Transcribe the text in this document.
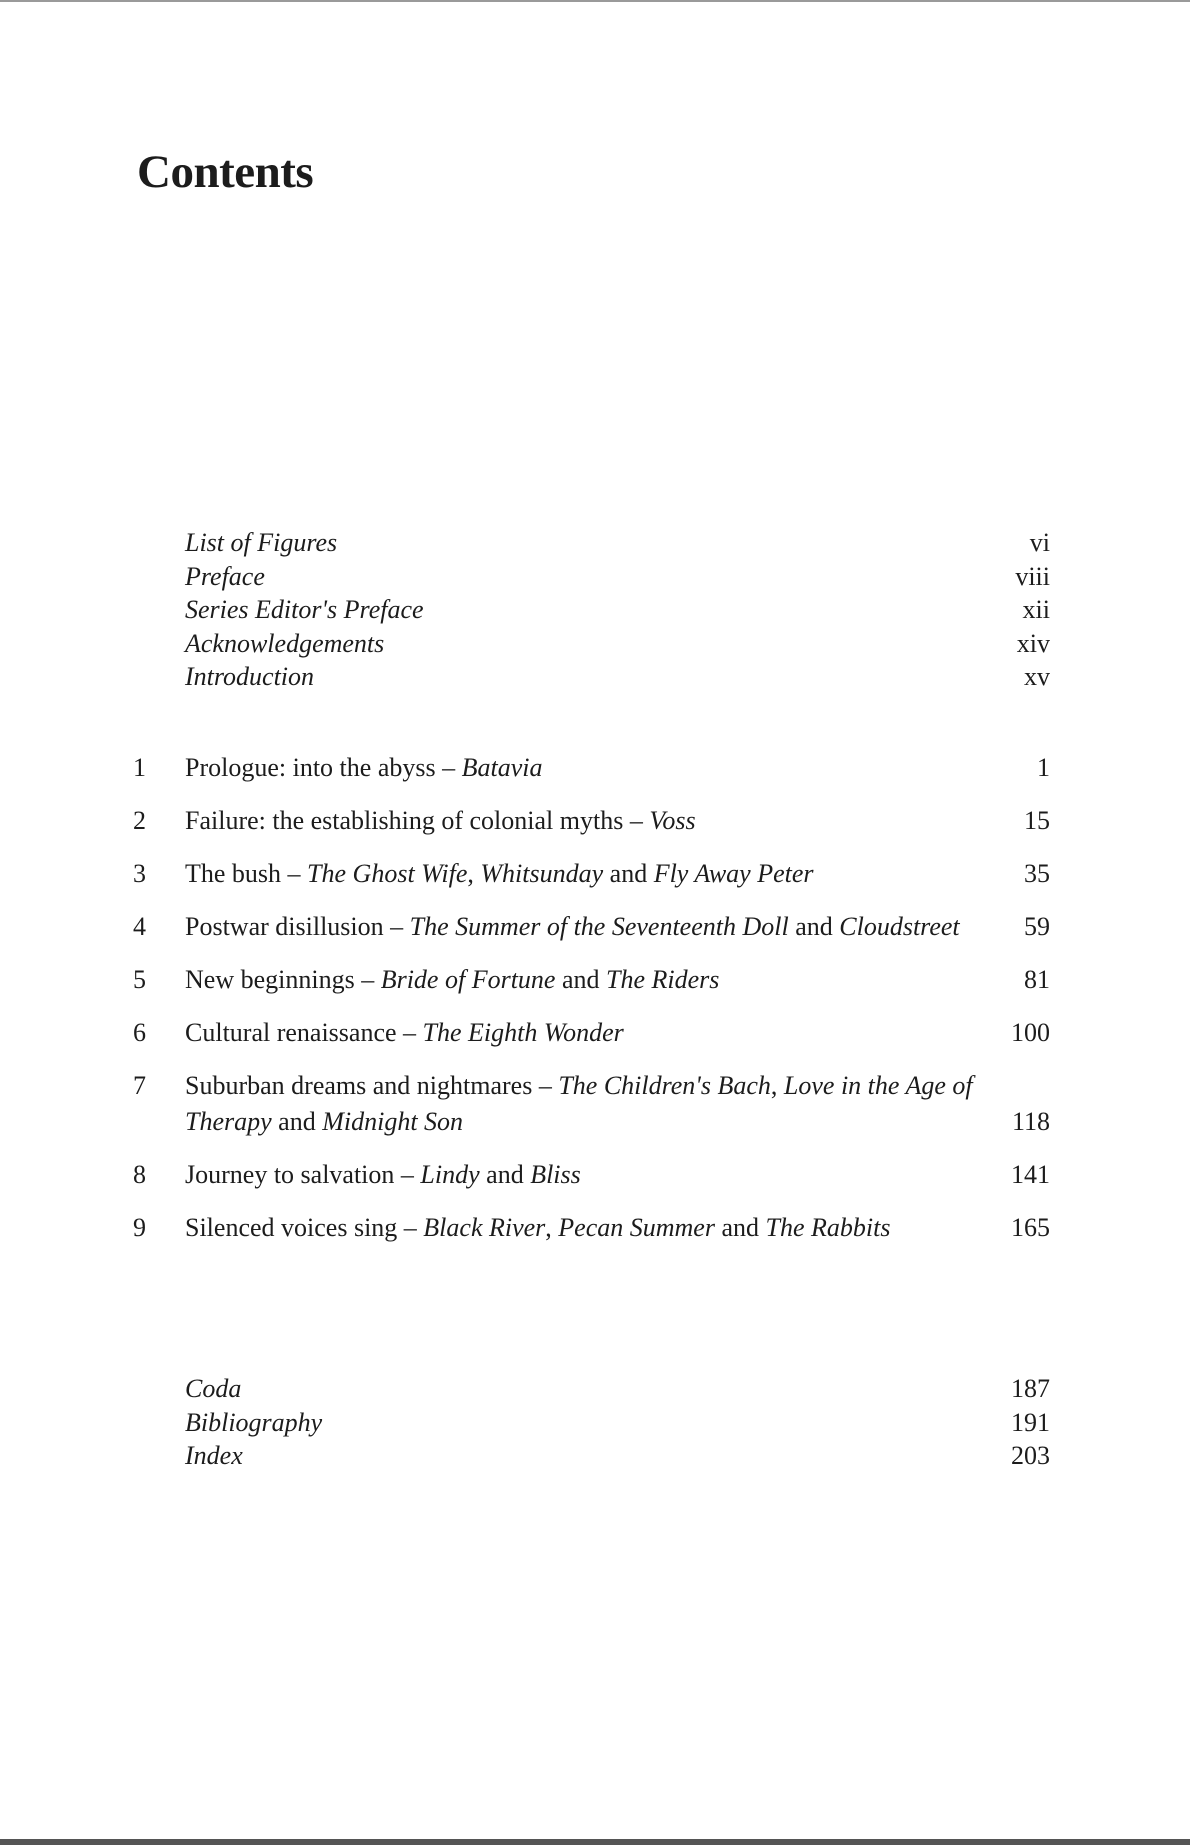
Contents
List of Figures	vi
Preface	viii
Series Editor's Preface	xii
Acknowledgements	xiv
Introduction	xv
1	Prologue: into the abyss – Batavia	1
2	Failure: the establishing of colonial myths – Voss	15
3	The bush – The Ghost Wife, Whitsunday and Fly Away Peter	35
4	Postwar disillusion – The Summer of the Seventeenth Doll and Cloudstreet	59
5	New beginnings – Bride of Fortune and The Riders	81
6	Cultural renaissance – The Eighth Wonder	100
7	Suburban dreams and nightmares – The Children's Bach, Love in the Age of Therapy and Midnight Son	118
8	Journey to salvation – Lindy and Bliss	141
9	Silenced voices sing – Black River, Pecan Summer and The Rabbits	165
Coda	187
Bibliography	191
Index	203
